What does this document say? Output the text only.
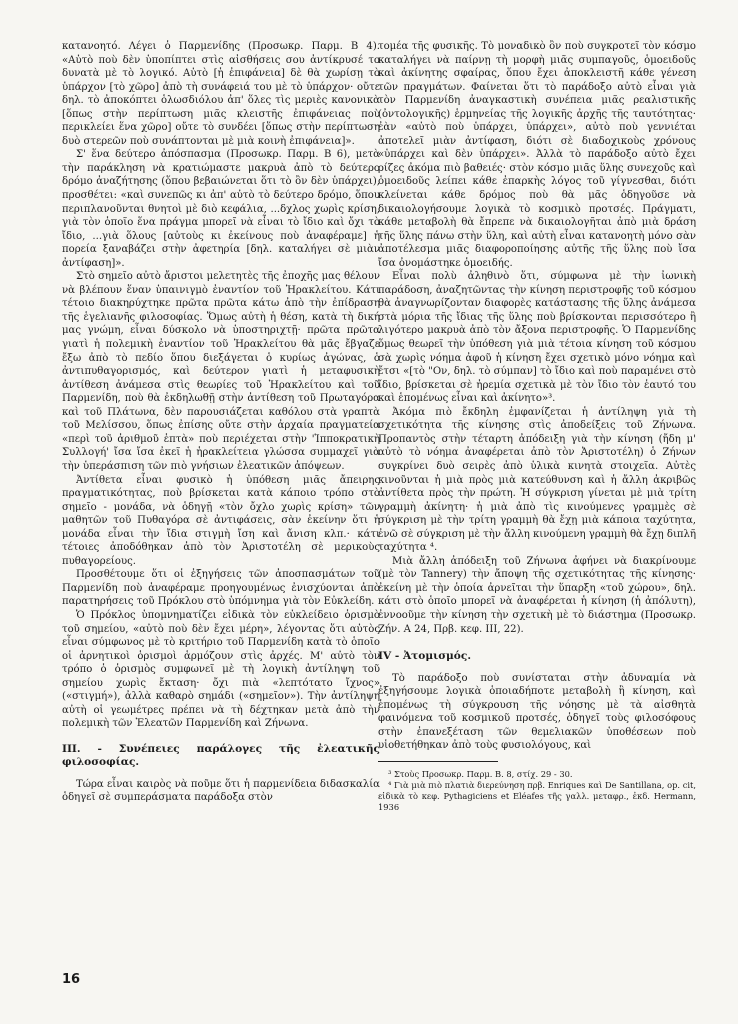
κατανοητό. Λέγει ὁ Παρμενίδης (Προσωκρ. Παρμ. Β 4). «Αὐτὸ ποὺ δὲν ὑποπίπτει στὶς αἰσθήσεις σου ἀντίκρυσέ το δυνατὰ μὲ τὸ λογικό. Αὐτὸ [ἡ ἐπιφάνεια] δὲ θὰ χωρίσῃ τὸ ὑπάρχον [τὸ χῶρο] ἀπὸ τὴ συνάφειά του μὲ τὸ ὑπάρχον· οὔτε δηλ. τὸ ἀποκόπτει ὁλωσδιόλου ἀπ' ὅλες τὶς μεριὲς κανονικὰ [ὅπως στὴν περίπτωση μιᾶς κλειστῆς ἐπιφάνειας ποὺ περικλείει ἕνα χῶρο] οὔτε τὸ συνδέει [ὅπως στὴν περίπτωση δυὸ στερεῶν ποὺ συνάπτονται μὲ μιὰ κοινὴ ἐπιφάνεια]».

Σ' ἕνα δεύτερο ἀπόσπασμα (Προσωκρ. Παρμ. Β 6), μετὰ τὴν παράκληση νὰ κρατιώμαστε μακρυὰ ἀπὸ τὸ δεύτερο δρόμο ἀναζήτησης (ὅπου βεβαιώνεται ὅτι τὸ ὂν δὲν ὑπάρχει), προσθέτει: «καὶ συνεπῶς κι ἀπ' αὐτὸ τὸ δεύτερο δρόμο, ὅπου περιπλανοῦνται θνητοὶ μὲ διὸ κεφάλια, ...δχλος χωρὶς κρίση, γιὰ τὸν ὁποῖο ἕνα πράγμα μπορεῖ νὰ εἶναι τὸ ἴδιο καὶ ὄχι τὸ ἴδιο, ...γιὰ ὅλους [αὐτοὺς κι ἐκείνους ποὺ ἀναφέραμε] ἡ πορεία ξαναβάζει στὴν ἀφετηρία [δηλ. καταλήγει σὲ μιὰν ἀντίφαση]».

Στὸ σημεῖο αὐτὸ ἄριστοι μελετητὲς τῆς ἐποχῆς μας θέλουν νὰ βλέπουν ἕναν ὑπαινιγμὸ ἐναντίον τοῦ Ἡρακλείτου. Κάτι τέτοιο διακηρύχτηκε πρῶτα πρῶτα κάτω ἀπὸ τὴν ἐπίδραση τῆς ἑγελιανῆς φιλοσοφίας. Ὅμως αὐτὴ ἡ θέση, κατὰ τὴ δική μας γνώμη, εἶναι δύσκολο νὰ ὑποστηριχτῇ· πρῶτα πρῶτα γιατὶ ἡ πολεμικὴ ἐναντίον τοῦ Ἡρακλείτου θὰ μᾶς ἔβγαζε ἔξω ἀπὸ τὸ πεδίο ὅπου διεξάγεται ὁ κυρίως ἀγώνας, ὁ ἀντιπυθαγορισμός, καὶ δεύτερον γιατὶ ἡ μεταφυσικὴ ἀντίθεση ἀνάμεσα στὶς θεωρίες τοῦ Ἡρακλείτου καὶ τοῦ Παρμενίδη, ποὺ θὰ ἐκδηλωθῇ στὴν ἀντίθεση τοῦ Πρωταγόρα καὶ τοῦ Πλάτωνα, δὲν παρουσιάζεται καθόλου στὰ γραπτὰ τοῦ Μελίσσου, ὅπως ἐπίσης οὔτε στὴν ἀρχαία πραγματεία «περὶ τοῦ ἀριθμοῦ ἑπτὰ» ποὺ περιέχεται στὴν 'Ἱπποκρατικὴ Συλλογή' ἴσα ἴσα ἐκεῖ ἡ ἡρακλείτεια γλώσσα συμμαχεῖ γιὰ τὴν ὑπεράσπιση τῶν πιὸ γνήσιων ἐλεατικῶν ἀπόψεων.

Ἀντίθετα εἶναι φυσικὸ ἡ ὑπόθεση μιᾶς ἄπειρης πραγματικότητας, ποὺ βρίσκεται κατὰ κάποιο τρόπο στὸ σημεῖο - μονάδα, νὰ ὁδηγῇ «τὸν ὄχλο χωρὶς κρίση» τῶν μαθητῶν τοῦ Πυθαγόρα σὲ ἀντιφάσεις, σὰν ἐκείνην ὅτι ἡ μονάδα εἶναι τὴν ἴδια στιγμὴ ἴση καὶ ἄνιση κλπ.· κάτι τέτοιες ἀποδόθηκαν ἀπὸ τὸν Ἀριστοτέλη σὲ μερικοὺς πυθαγορείους.

Προσθέτουμε ὅτι οἱ ἐξηγήσεις τῶν ἀποσπασμάτων τοῦ Παρμενίδη ποὺ ἀναφέραμε προηγουμένως ἐνισχύονται ἀπὸ παρατηρήσεις τοῦ Πρόκλου στὸ ὑπόμνημα γιὰ τὸν Εὐκλείδη.

Ὁ Πρόκλος ὑπομνηματίζει εἰδικὰ τὸν εὐκλείδειο ὁρισμὸ τοῦ σημείου, «αὐτὸ ποὺ δὲν ἔχει μέρη», λέγοντας ὅτι αὐτὸς εἶναι σύμφωνος μὲ τὸ κριτήριο τοῦ Παρμενίδη κατὰ τὸ ὁποῖο οἱ ἀρνητικοὶ ὁρισμοὶ ἁρμόζουν στὶς ἀρχές. Μ' αὐτὸ τὸν τρόπο ὁ ὁρισμὸς συμφωνεῖ μὲ τὴ λογικὴ ἀντίληψη τοῦ σημείου χωρὶς ἔκταση· ὄχι πιὰ «λεπτότατο ἴχνος» («στιγμή»), ἀλλὰ καθαρὸ σημάδι («σημεῖον»). Τὴν ἀντίληψη αὐτὴ οἱ γεωμέτρες πρέπει νὰ τὴ δέχτηκαν μετὰ ἀπὸ τὴν πολεμικὴ τῶν Ἐλεατῶν Παρμενίδη καὶ Ζήνωνα.

III. - Συνέπειες παράλογες τῆς ἐλεατικῆς φιλοσοφίας.

Τώρα εἶναι καιρὸς νὰ ποῦμε ὅτι ἡ παρμενίδεια διδασκαλία ὁδηγεῖ σὲ συμπεράσματα παράδοξα στὸν

τομέα τῆς φυσικῆς. Τὸ μοναδικὸ ὂν ποὺ συγκροτεῖ τὸν κόσμο καταλήγει νὰ παίρνῃ τὴ μορφὴ μιᾶς συμπαγοῦς, ὁμοειδοῦς καὶ ἀκίνητης σφαίρας, ὅπου ἔχει ἀποκλειστῆ κάθε γένεση τῶν πραγμάτων. Φαίνεται ὅτι τὸ παράδοξο αὐτὸ εἶναι γιὰ τὸν Παρμενίδη ἀναγκαστικὴ συνέπεια μιᾶς ρεαλιστικῆς (ὀντολογικῆς) ἑρμηνείας τῆς λογικῆς ἀρχῆς τῆς ταυτότητας· ἐὰν «αὐτὸ ποὺ ὑπάρχει, ὑπάρχει», αὐτὸ ποὺ γεννιέται ἀποτελεῖ μιὰν ἀντίφαση, διότι σὲ διαδοχικοὺς χρόνους «ὑπάρχει καὶ δὲν ὑπάρχει». Ἀλλὰ τὸ παράδοξο αὐτὸ ἔχει ρίζες ἀκόμα πιὸ βαθειές· στὸν κόσμο μιᾶς ὕλης συνεχοῦς καὶ ὁμοειδοῦς λείπει κάθε ἐπαρκὴς λόγος τοῦ γίγνεσθαι, διότι κλείνεται κάθε δρόμος ποὺ θὰ μᾶς ὁδηγοῦσε νὰ δικαιολογήσουμε λογικὰ τὸ κοσμικὸ προτσές. Πράγματι, κάθε μεταβολὴ θὰ ἔπρεπε νὰ δικαιολογῆται ἀπὸ μιὰ δράση τῆς ὕλης πάνω στὴν ὕλη, καὶ αὐτὴ εἶναι κατανοητὴ μόνο σὰν ἀποτέλεσμα μιᾶς διαφοροποίησης αὐτῆς τῆς ὕλης ποὺ ἴσα ἴσα ὀνομάστηκε ὁμοειδής.

Εἶναι πολὺ ἀληθινὸ ὅτι, σύμφωνα μὲ τὴν ἰωνικὴ παράδοση, ἀναζητῶντας τὴν κίνηση περιστροφῆς τοῦ κόσμου θὰ ἀναγνωρίζονταν διαφορὲς κατάστασης τῆς ὕλης ἀνάμεσα στὰ μόρια τῆς ἴδιας τῆς ὕλης ποὺ βρίσκονται περισσότερο ἢ λιγότερο μακρυὰ ἀπὸ τὸν ἄξονα περιστροφῆς. Ὁ Παρμενίδης ὅμως θεωρεῖ τὴν ὑπόθεση γιὰ μιὰ τέτοια κίνηση τοῦ κόσμου σὰ χωρὶς νόημα ἀφοῦ ἡ κίνηση ἔχει σχετικὸ μόνο νόημα καὶ ἔτσι «[τὸ "Ον, δηλ. τὸ σύμπαν] τὸ ἴδιο καὶ ποὺ παραμένει στὸ ἴδιο, βρίσκεται σὲ ἠρεμία σχετικὰ μὲ τὸν ἴδιο τὸν ἑαυτό του καὶ ἑπομένως εἶναι καὶ ἀκίνητο»³.

Ἀκόμα πιὸ ἔκδηλη ἐμφανίζεται ἡ ἀντίληψη γιὰ τὴ σχετικότητα τῆς κίνησης στὶς ἀποδείξεις τοῦ Ζήνωνα. Προπαντὸς στὴν τέταρτη ἀπόδειξη γιὰ τὴν κίνηση (ἤδη μ' αὐτὸ τὸ νόημα ἀναφέρεται ἀπὸ τὸν Ἀριστοτέλη) ὁ Ζήνων συγκρίνει δυὸ σειρὲς ἀπὸ ὑλικὰ κινητὰ στοιχεῖα. Αὐτὲς κινοῦνται ἡ μιὰ πρὸς μιὰ κατεύθυνση καὶ ἡ ἄλλη ἀκριβῶς ἀντίθετα πρὸς τὴν πρώτη. Ἡ σύγκριση γίνεται μὲ μιὰ τρίτη γραμμὴ ἀκίνητη· ἡ μιὰ ἀπὸ τὶς κινούμενες γραμμὲς σὲ σύγκριση μὲ τὴν τρίτη γραμμὴ θὰ ἔχῃ μιὰ κάποια ταχύτητα, ἐνῶ σὲ σύγκριση μὲ τὴν ἄλλη κινούμενη γραμμὴ θὰ ἔχῃ διπλῆ ταχύτητα ⁴.

Μιὰ ἄλλη ἀπόδειξη τοῦ Ζήνωνα ἀφήνει νὰ διακρίνουμε (μὲ τὸν Tannery) τὴν ἄποψη τῆς σχετικότητας τῆς κίνησης· ἐκείνη μὲ τὴν ὁποία ἀρνεῖται τὴν ὕπαρξη «τοῦ χώρου», δηλ. κάτι στὸ ὁποῖο μπορεῖ νὰ ἀναφέρεται ἡ κίνηση (ἡ ἀπόλυτη), ἐννοοῦμε τὴν κίνηση τὴν σχετικὴ μὲ τὸ διάστημα (Προσωκρ. Ζήν. Α 24, Πρβ. κεφ. III, 22).

IV - Ἀτομισμός.

Τὸ παράδοξο ποὺ συνίσταται στὴν ἀδυναμία νὰ ἐξηγήσουμε λογικὰ ὁποιαδήποτε μεταβολὴ ἢ κίνηση, καὶ ἑπομένως τὴ σύγκρουση τῆς νόησης μὲ τὰ αἰσθητὰ φαινόμενα τοῦ κοσμικοῦ προτσές, ὁδηγεῖ τοὺς φιλοσόφους στὴν ἐπανεξέταση τῶν θεμελιακῶν ὑποθέσεων ποὺ υἱοθετήθηκαν ἀπὸ τοὺς φυσιολόγους, καὶ

³ Στοὺς Προσωκρ. Παρμ. Β. 8, στίχ. 29 - 30.

⁴ Γιὰ μιὰ πιὸ πλατιὰ διερεύνηση πρβ. Enriques καὶ De Santillana, op. cit, εἰδικὰ τὸ κεφ. Pythagiciens et Eléafes τῆς γαλλ. μεταφρ., ἐκδ. Hermann, 1936

16
